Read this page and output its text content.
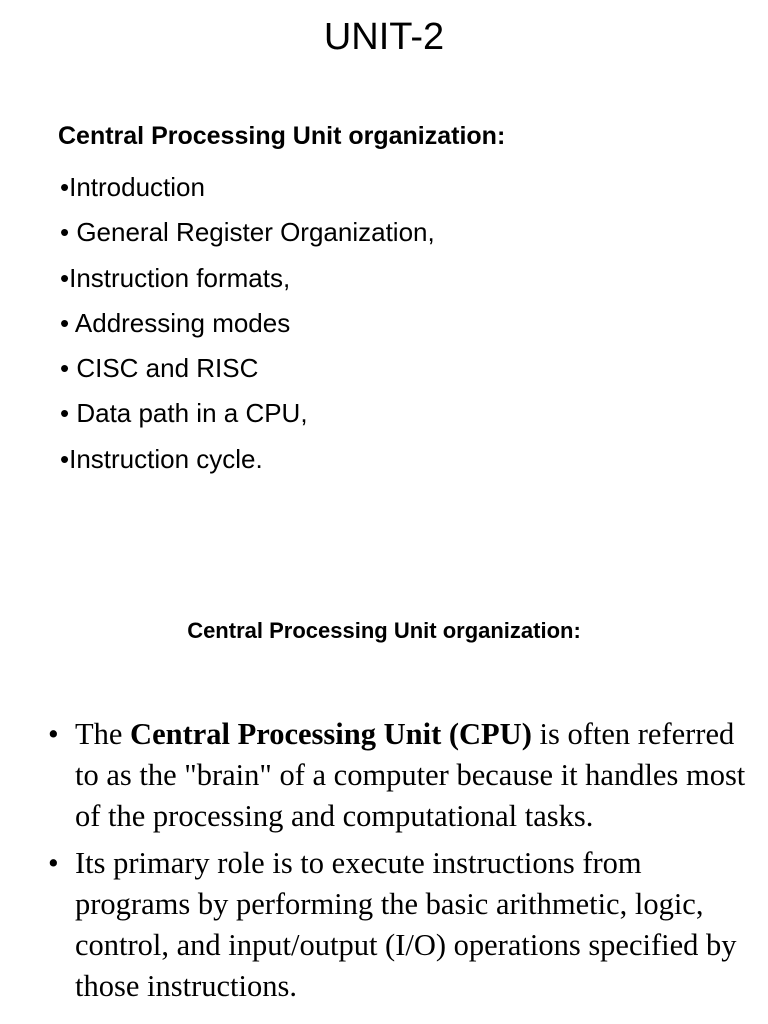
UNIT-2
Central Processing Unit organization:
•Introduction
• General Register Organization,
•Instruction formats,
• Addressing modes
• CISC and RISC
• Data path in a CPU,
•Instruction cycle.
Central Processing Unit organization:
• The Central Processing Unit (CPU) is often referred to as the "brain" of a computer because it handles most of the processing and computational tasks.
• Its primary role is to execute instructions from programs by performing the basic arithmetic, logic, control, and input/output (I/O) operations specified by those instructions.
